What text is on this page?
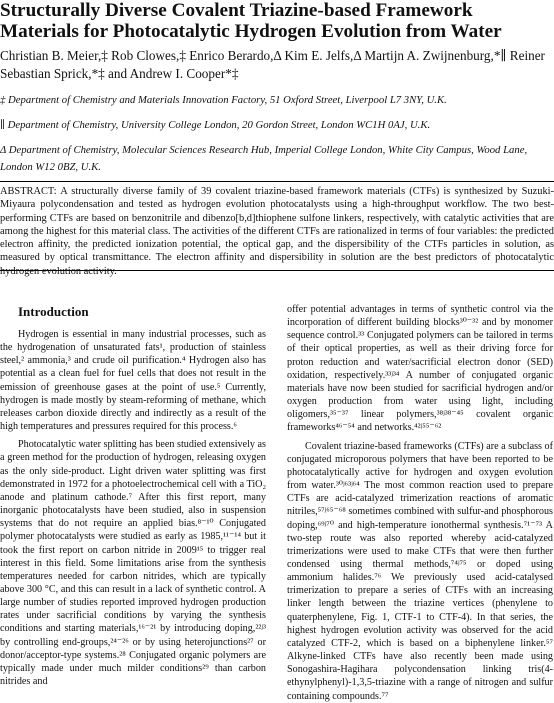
Structurally Diverse Covalent Triazine-based Framework Materials for Photocatalytic Hydrogen Evolution from Water

Christian B. Meier,‡ Rob Clowes,‡ Enrico Berardo,Δ Kim E. Jelfs,Δ Martijn A. Zwijnenburg,*∥ Reiner Sebastian Sprick,*‡ and Andrew I. Cooper*‡

‡ Department of Chemistry and Materials Innovation Factory, 51 Oxford Street, Liverpool L7 3NY, U.K.

∥ Department of Chemistry, University College London, 20 Gordon Street, London WC1H 0AJ, U.K.

Δ Department of Chemistry, Molecular Sciences Research Hub, Imperial College London, White City Campus, Wood Lane, London W12 0BZ, U.K.

ABSTRACT: A structurally diverse family of 39 covalent triazine-based framework materials (CTFs) is synthesized by Suzuki-Miyaura polycondensation and tested as hydrogen evolution photocatalysts using a high-throughput workflow. The two best-performing CTFs are based on benzonitrile and dibenzo[b,d]thiophene sulfone linkers, respectively, with catalytic activities that are among the highest for this material class. The activities of the different CTFs are rationalized in terms of four variables: the predicted electron affinity, the predicted ionization potential, the optical gap, and the dispersibility of the CTFs particles in solution, as measured by optical transmittance. The electron affinity and dispersibility in solution are the best predictors of photocatalytic hydrogen evolution activity.

Introduction

Hydrogen is essential in many industrial processes, such as the hydrogenation of unsaturated fats¹, production of stainless steel,² ammonia,³ and crude oil purification.⁴ Hydrogen also has potential as a clean fuel for fuel cells that does not result in the emission of greenhouse gases at the point of use.⁵ Currently, hydrogen is made mostly by steam-reforming of methane, which releases carbon dioxide directly and indirectly as a result of the high temperatures and pressures required for this process.⁶

Photocatalytic water splitting has been studied extensively as a green method for the production of hydrogen, releasing oxygen as the only side-product. Light driven water splitting was first demonstrated in 1972 for a photoelectrochemical cell with a TiO₂ anode and platinum cathode.⁷ After this first report, many inorganic photocatalysts have been studied, also in suspension systems that do not require an applied bias.⁸⁻¹⁰ Conjugated polymer photocatalysts were studied as early as 1985,¹¹⁻¹⁴ but it took the first report on carbon nitride in 2009¹⁵ to trigger real interest in this field. Some limitations arise from the synthesis temperatures needed for carbon nitrides, which are typically above 300 °C, and this can result in a lack of synthetic control. A large number of studies reported improved hydrogen production rates under sacrificial conditions by varying the synthesis conditions and starting materials,¹⁶⁻²¹ by introducing doping,²²ʲ³ by controlling end-groups,²⁴⁻²⁶ or by using heterojunctions²⁷ or donor/acceptor-type systems.²⁸ Conjugated organic polymers are typically made under much milder conditions²⁹ than carbon nitrides and

offer potential advantages in terms of synthetic control via the incorporation of different building blocks³⁰⁻³² and by monomer sequence control.³³ Conjugated polymers can be tailored in terms of their optical properties, as well as their driving force for proton reduction and water/sacrificial electron donor (SED) oxidation, respectively.³³ʲ³⁴ A number of conjugated organic materials have now been studied for sacrificial hydrogen and/or oxygen production from water using light, including oligomers,³⁵⁻³⁷ linear polymers,³⁸ʲ³⁸⁻⁴⁵ covalent organic frameworks⁴⁶⁻⁵⁴ and networks.⁴²ʲ⁵⁵⁻⁶²

Covalent triazine-based frameworks (CTFs) are a subclass of conjugated microporous polymers that have been reported to be photocatalytically active for hydrogen and oxygen evolution from water.³⁰ʲ⁶³ʲ⁶⁴ The most common reaction used to prepare CTFs are acid-catalyzed trimerization reactions of aromatic nitriles,⁵⁷ʲ⁶⁵⁻⁶⁸ sometimes combined with sulfur-and phosphorous doping,⁶⁹ʲ⁷⁰ and high-temperature ionothermal synthesis.⁷¹⁻⁷³ A two-step route was also reported whereby acid-catalyzed trimerizations were used to make CTFs that were then further condensed using thermal methods,⁷⁴ʲ⁷⁵ or doped using ammonium halides.⁷⁶ We previously used acid-catalysed trimerization to prepare a series of CTFs with an increasing linker length between the triazine vertices (phenylene to quaterphenylene, Fig. 1, CTF-1 to CTF-4). In that series, the highest hydrogen evolution activity was observed for the acid catalyzed CTF-2, which is based on a biphenylene linker.⁵⁷ Alkyne-linked CTFs have also recently been made using Sonogashira-Hagihara polycondensation linking tris(4-ethynylphenyl)-1,3,5-triazine with a range of nitrogen and sulfur containing compounds.⁷⁷
